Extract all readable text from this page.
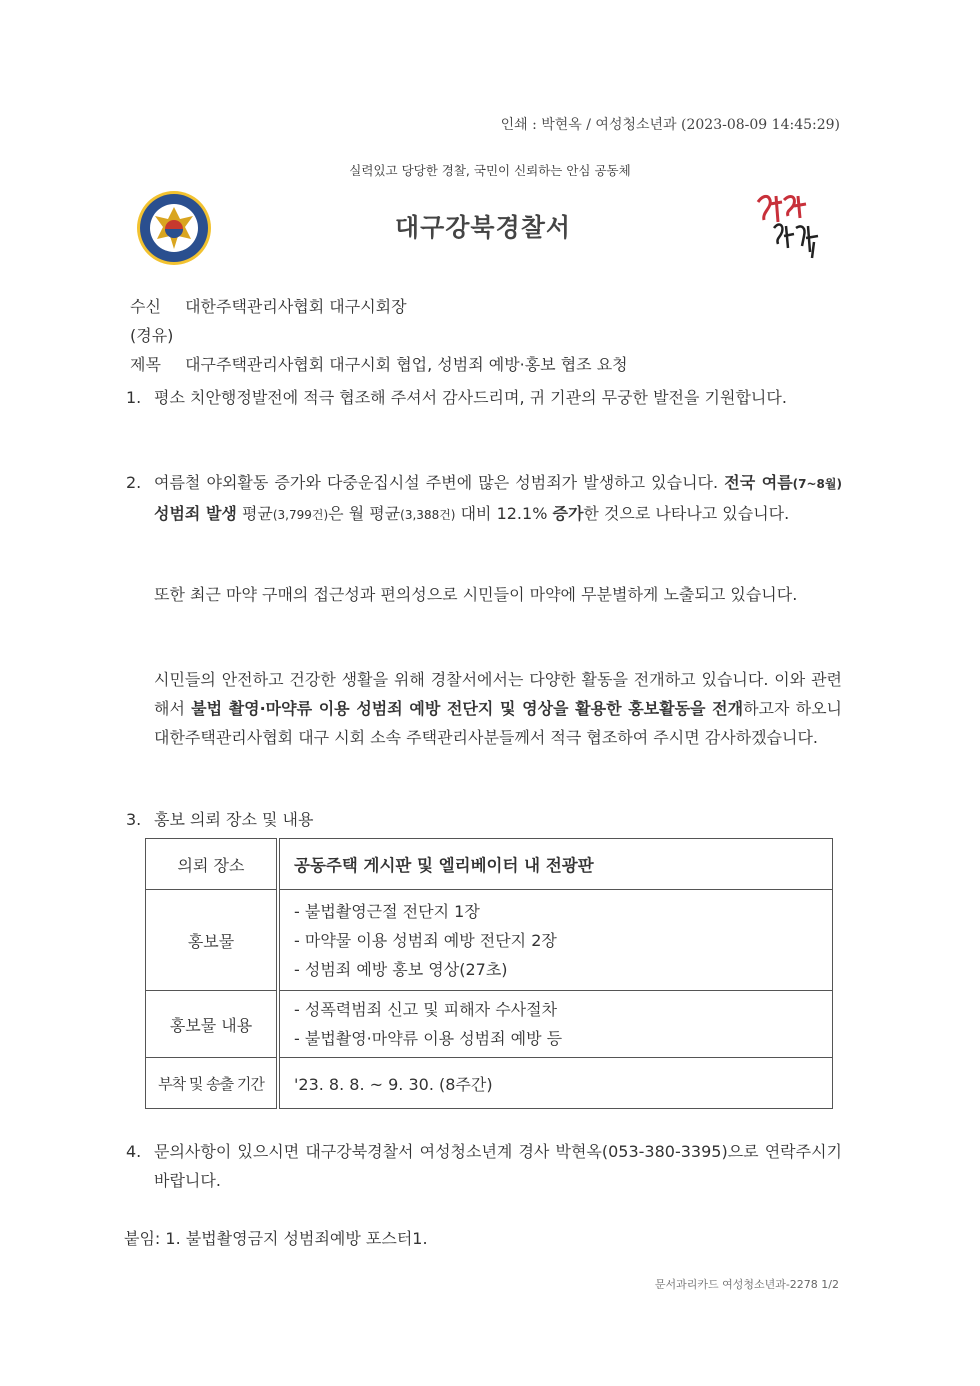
인쇄 : 박현옥 / 여성청소년과 (2023-08-09 14:45:29)
실력있고 당당한 경찰, 국민이 신뢰하는 안심 공동체
대구강북경찰서
수신 대한주택관리사협회 대구시회장
(경유)
제목 대구주택관리사협회 대구시회 협업, 성범죄 예방·홍보 협조 요청
1. 평소 치안행정발전에 적극 협조해 주셔서 감사드리며, 귀 기관의 무궁한 발전을 기원합니다.
2. 여름철 야외활동 증가와 다중운집시설 주변에 많은 성범죄가 발생하고 있습니다. 전국 여름(7~8월) 성범죄 발생 평균(3,799건)은 월 평균(3,388건) 대비 12.1% 증가한 것으로 나타나고 있습니다.
또한 최근 마약 구매의 접근성과 편의성으로 시민들이 마약에 무분별하게 노출되고 있습니다.
시민들의 안전하고 건강한 생활을 위해 경찰서에서는 다양한 활동을 전개하고 있습니다. 이와 관련해서 불법 촬영·마약류 이용 성범죄 예방 전단지 및 영상을 활용한 홍보활동을 전개하고자 하오니 대한주택관리사협회 대구 시회 소속 주택관리사분들께서 적극 협조하여 주시면 감사하겠습니다.
3. 홍보 의뢰 장소 및 내용
의뢰 장소	공동주택 게시판 및 엘리베이터 내 전광판
홍보물	- 불법촬영근절 전단지 1장
- 마약물 이용 성범죄 예방 전단지 2장
- 성범죄 예방 홍보 영상(27초)

홍보물 내용	- 성폭력범죄 신고 및 피해자 수사절차
- 불법촬영·마약류 이용 성범죄 예방 등

부착 및 송출 기간	'23. 8. 8. ~ 9. 30. (8주간)
4. 문의사항이 있으시면 대구강북경찰서 여성청소년계 경사 박현옥(053-380-3395)으로 연락주시기 바랍니다.
붙임: 1. 불법촬영금지 성범죄예방 포스터1.
문서과리카드 여성청소년과-2278 1/2
